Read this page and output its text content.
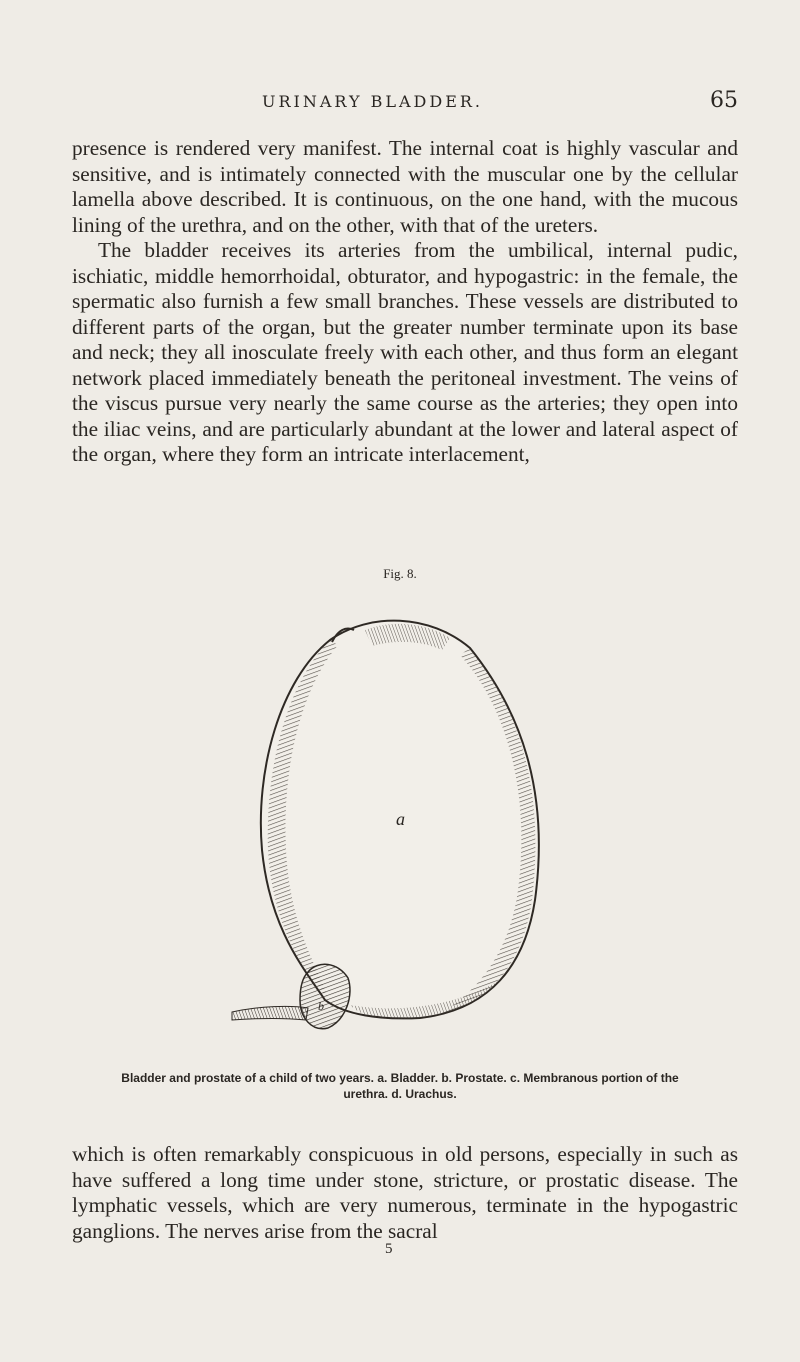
URINARY BLADDER.	65

presence is rendered very manifest. The internal coat is highly vascular and sensitive, and is intimately connected with the muscular one by the cellular lamella above described. It is continuous, on the one hand, with the mucous lining of the urethra, and on the other, with that of the ureters.

The bladder receives its arteries from the umbilical, internal pudic, ischiatic, middle hemorrhoidal, obturator, and hypogastric: in the female, the spermatic also furnish a few small branches. These vessels are distributed to different parts of the organ, but the greater number terminate upon its base and neck; they all inosculate freely with each other, and thus form an elegant network placed immediately beneath the peritoneal investment. The veins of the viscus pursue very nearly the same course as the arteries; they open into the iliac veins, and are particularly abundant at the lower and lateral aspect of the organ, where they form an intricate interlacement,

Fig. 8.
a
b
Bladder and prostate of a child of two years. a. Bladder. b. Prostate. c. Membranous portion of the urethra. d. Urachus.

which is often remarkably conspicuous in old persons, especially in such as have suffered a long time under stone, stricture, or prostatic disease. The lymphatic vessels, which are very numerous, terminate in the hypogastric ganglions. The nerves arise from the sacral

5
